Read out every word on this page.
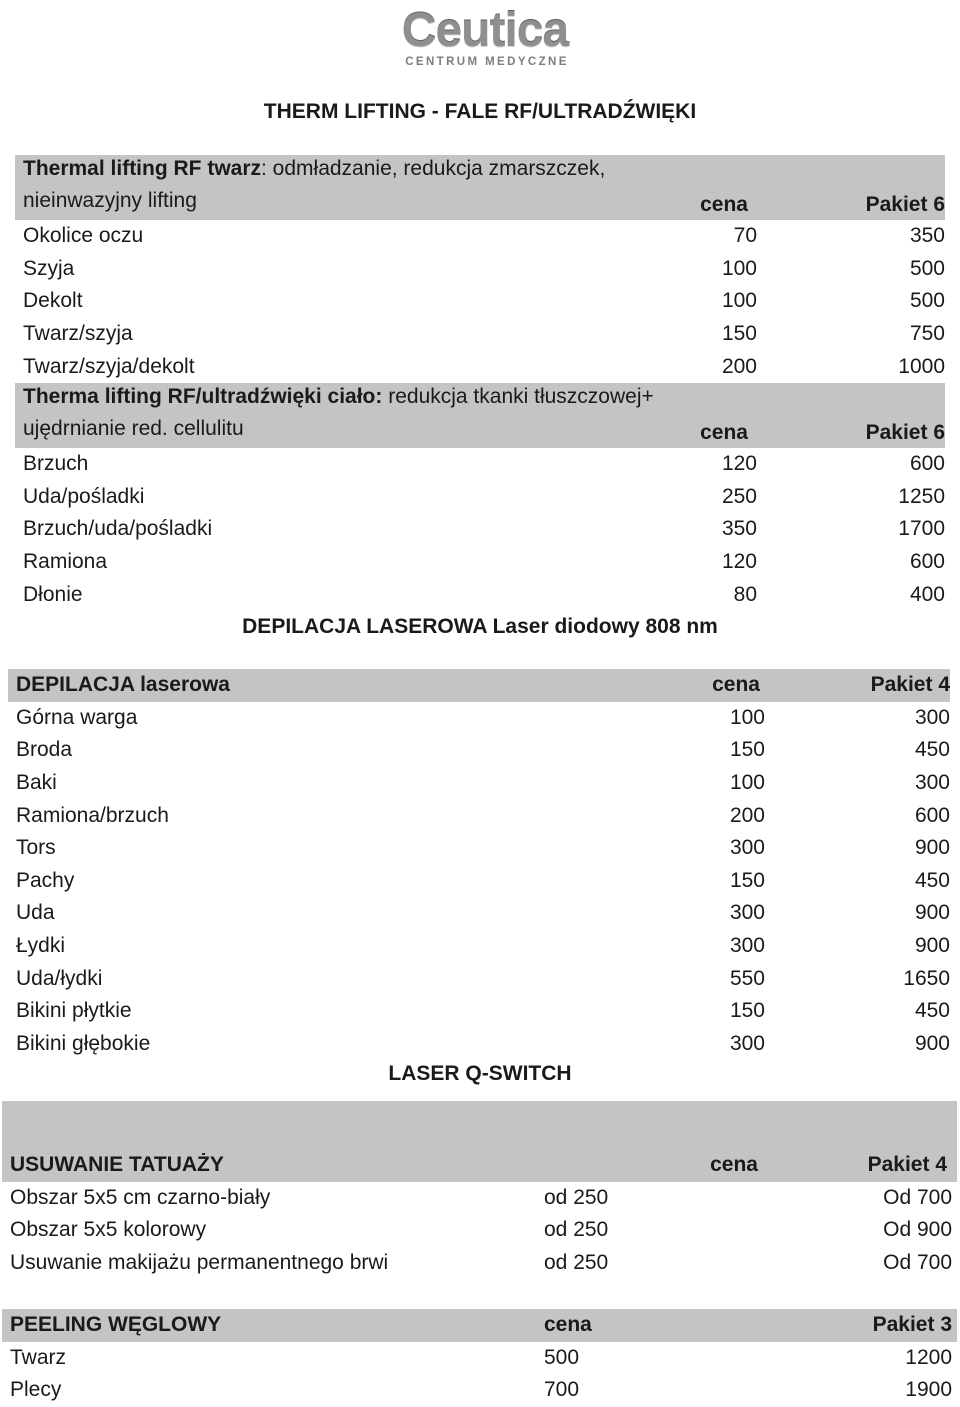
Ceutica
CENTRUM MEDYCZNE
THERM LIFTING - FALE RF/ULTRADŹWIĘKI
Thermal lifting RF twarz: odmładzanie, redukcja zmarszczek, nieinwazyjny lifting	cena	Pakiet 6
Okolice oczu	70	350
Szyja	100	500
Dekolt	100	500
Twarz/szyja	150	750
Twarz/szyja/dekolt	200	1000
Therma lifting RF/ultradźwięki ciało: redukcja tkanki tłuszczowej+ ujędrnianie red. cellulitu	cena	Pakiet 6
Brzuch	120	600
Uda/pośladki	250	1250
Brzuch/uda/pośladki	350	1700
Ramiona	120	600
Dłonie	80	400
DEPILACJA LASEROWA Laser diodowy 808 nm
DEPILACJA laserowa	cena	Pakiet 4
Górna warga	100	300
Broda	150	450
Baki	100	300
Ramiona/brzuch	200	600
Tors	300	900
Pachy	150	450
Uda	300	900
Łydki	300	900
Uda/łydki	550	1650
Bikini płytkie	150	450
Bikini głębokie	300	900
LASER Q-SWITCH
USUWANIE TATUAŻY	cena	Pakiet 4
Obszar 5x5 cm czarno-biały	od 250	Od 700
Obszar 5x5 kolorowy	od 250	Od 900
Usuwanie makijażu permanentnego brwi	od 250	Od 700
PEELING WĘGLOWY	cena	Pakiet 3
Twarz	500	1200
Plecy	700	1900
